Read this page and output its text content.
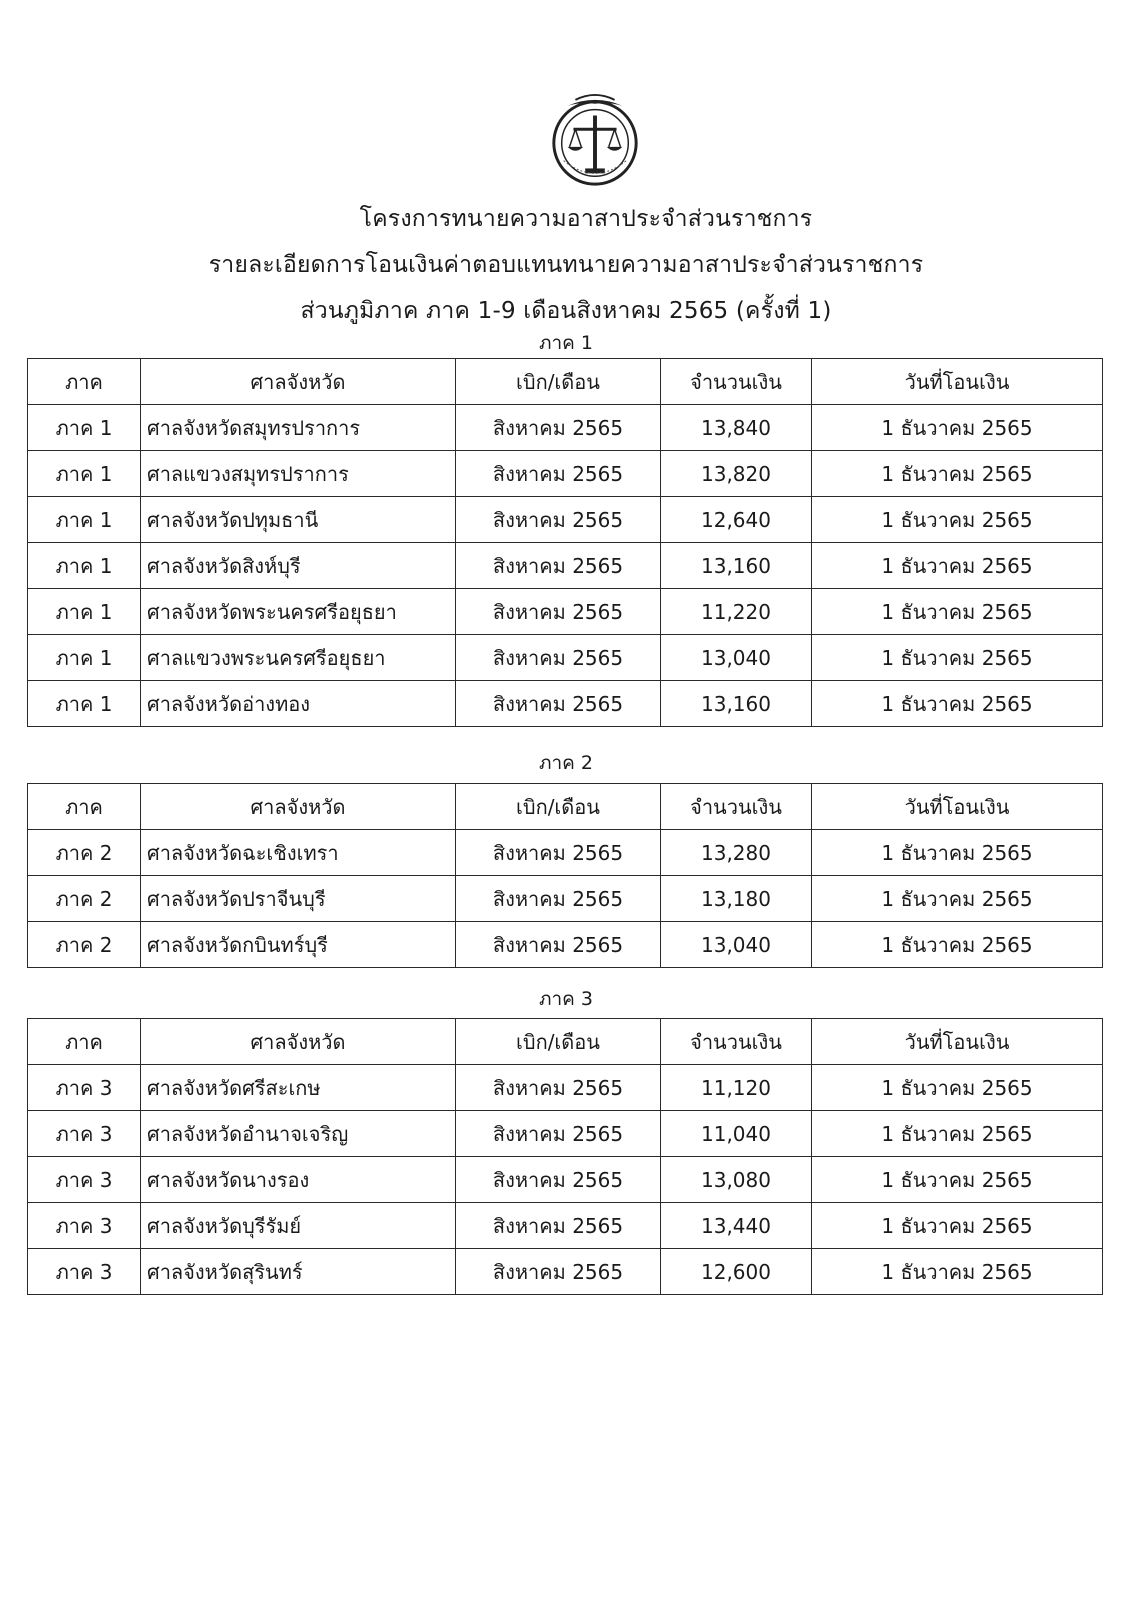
โครงการทนายความอาสาประจำส่วนราชการ
รายละเอียดการโอนเงินค่าตอบแทนทนายความอาสาประจำส่วนราชการ
ส่วนภูมิภาค ภาค 1-9 เดือนสิงหาคม 2565 (ครั้งที่ 1)
ภาค 1
ภาค 2
ภาค 3
ภาค	ศาลจังหวัด	เบิก/เดือน	จำนวนเงิน	วันที่โอนเงิน
ภาค 1	ศาลจังหวัดสมุทรปราการ	สิงหาคม 2565	13,840	1 ธันวาคม 2565
ภาค 1	ศาลแขวงสมุทรปราการ	สิงหาคม 2565	13,820	1 ธันวาคม 2565
ภาค 1	ศาลจังหวัดปทุมธานี	สิงหาคม 2565	12,640	1 ธันวาคม 2565
ภาค 1	ศาลจังหวัดสิงห์บุรี	สิงหาคม 2565	13,160	1 ธันวาคม 2565
ภาค 1	ศาลจังหวัดพระนครศรีอยุธยา	สิงหาคม 2565	11,220	1 ธันวาคม 2565
ภาค 1	ศาลแขวงพระนครศรีอยุธยา	สิงหาคม 2565	13,040	1 ธันวาคม 2565
ภาค 1	ศาลจังหวัดอ่างทอง	สิงหาคม 2565	13,160	1 ธันวาคม 2565
ภาค	ศาลจังหวัด	เบิก/เดือน	จำนวนเงิน	วันที่โอนเงิน
ภาค 2	ศาลจังหวัดฉะเชิงเทรา	สิงหาคม 2565	13,280	1 ธันวาคม 2565
ภาค 2	ศาลจังหวัดปราจีนบุรี	สิงหาคม 2565	13,180	1 ธันวาคม 2565
ภาค 2	ศาลจังหวัดกบินทร์บุรี	สิงหาคม 2565	13,040	1 ธันวาคม 2565
ภาค	ศาลจังหวัด	เบิก/เดือน	จำนวนเงิน	วันที่โอนเงิน
ภาค 3	ศาลจังหวัดศรีสะเกษ	สิงหาคม 2565	11,120	1 ธันวาคม 2565
ภาค 3	ศาลจังหวัดอำนาจเจริญ	สิงหาคม 2565	11,040	1 ธันวาคม 2565
ภาค 3	ศาลจังหวัดนางรอง	สิงหาคม 2565	13,080	1 ธันวาคม 2565
ภาค 3	ศาลจังหวัดบุรีรัมย์	สิงหาคม 2565	13,440	1 ธันวาคม 2565
ภาค 3	ศาลจังหวัดสุรินทร์	สิงหาคม 2565	12,600	1 ธันวาคม 2565
